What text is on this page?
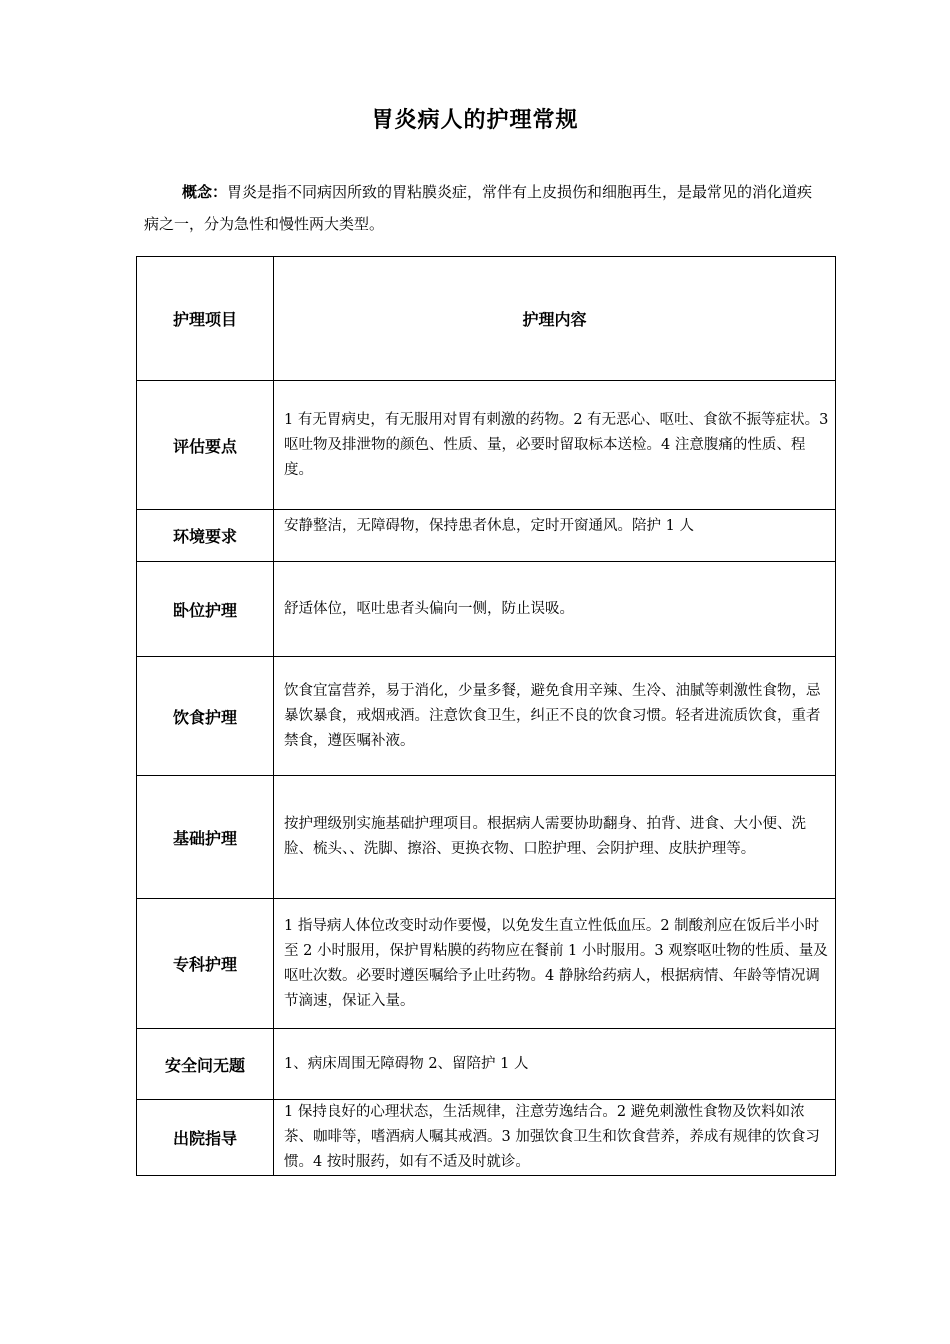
胃炎病人的护理常规
概念：胃炎是指不同病因所致的胃粘膜炎症，常伴有上皮损伤和细胞再生，是最常见的消化道疾病之一，分为急性和慢性两大类型。
护理项目	护理内容
评估要点	1 有无胃病史，有无服用对胃有刺激的药物。2 有无恶心、呕吐、食欲不振等症状。3 呕吐物及排泄物的颜色、性质、量，必要时留取标本送检。4 注意腹痛的性质、程度。
环境要求	安静整洁，无障碍物，保持患者休息，定时开窗通风。陪护 1 人
卧位护理	舒适体位，呕吐患者头偏向一侧，防止误吸。
饮食护理	饮食宜富营养，易于消化，少量多餐，避免食用辛辣、生冷、油腻等刺激性食物，忌暴饮暴食，戒烟戒酒。注意饮食卫生，纠正不良的饮食习惯。轻者进流质饮食，重者禁食，遵医嘱补液。
基础护理	按护理级别实施基础护理项目。根据病人需要协助翻身、拍背、进食、大小便、洗脸、梳头、、洗脚、擦浴、更换衣物、口腔护理、会阴护理、皮肤护理等。
专科护理	1 指导病人体位改变时动作要慢，以免发生直立性低血压。2 制酸剂应在饭后半小时至 2 小时服用，保护胃粘膜的药物应在餐前 1 小时服用。3 观察呕吐物的性质、量及呕吐次数。必要时遵医嘱给予止吐药物。4 静脉给药病人，根据病情、年龄等情况调节滴速，保证入量。
安全问无题	1、病床周围无障碍物 2、留陪护 1 人
出院指导	1 保持良好的心理状态，生活规律，注意劳逸结合。2 避免刺激性食物及饮料如浓茶、咖啡等，嗜酒病人嘱其戒酒。3 加强饮食卫生和饮食营养，养成有规律的饮食习惯。4 按时服药，如有不适及时就诊。
